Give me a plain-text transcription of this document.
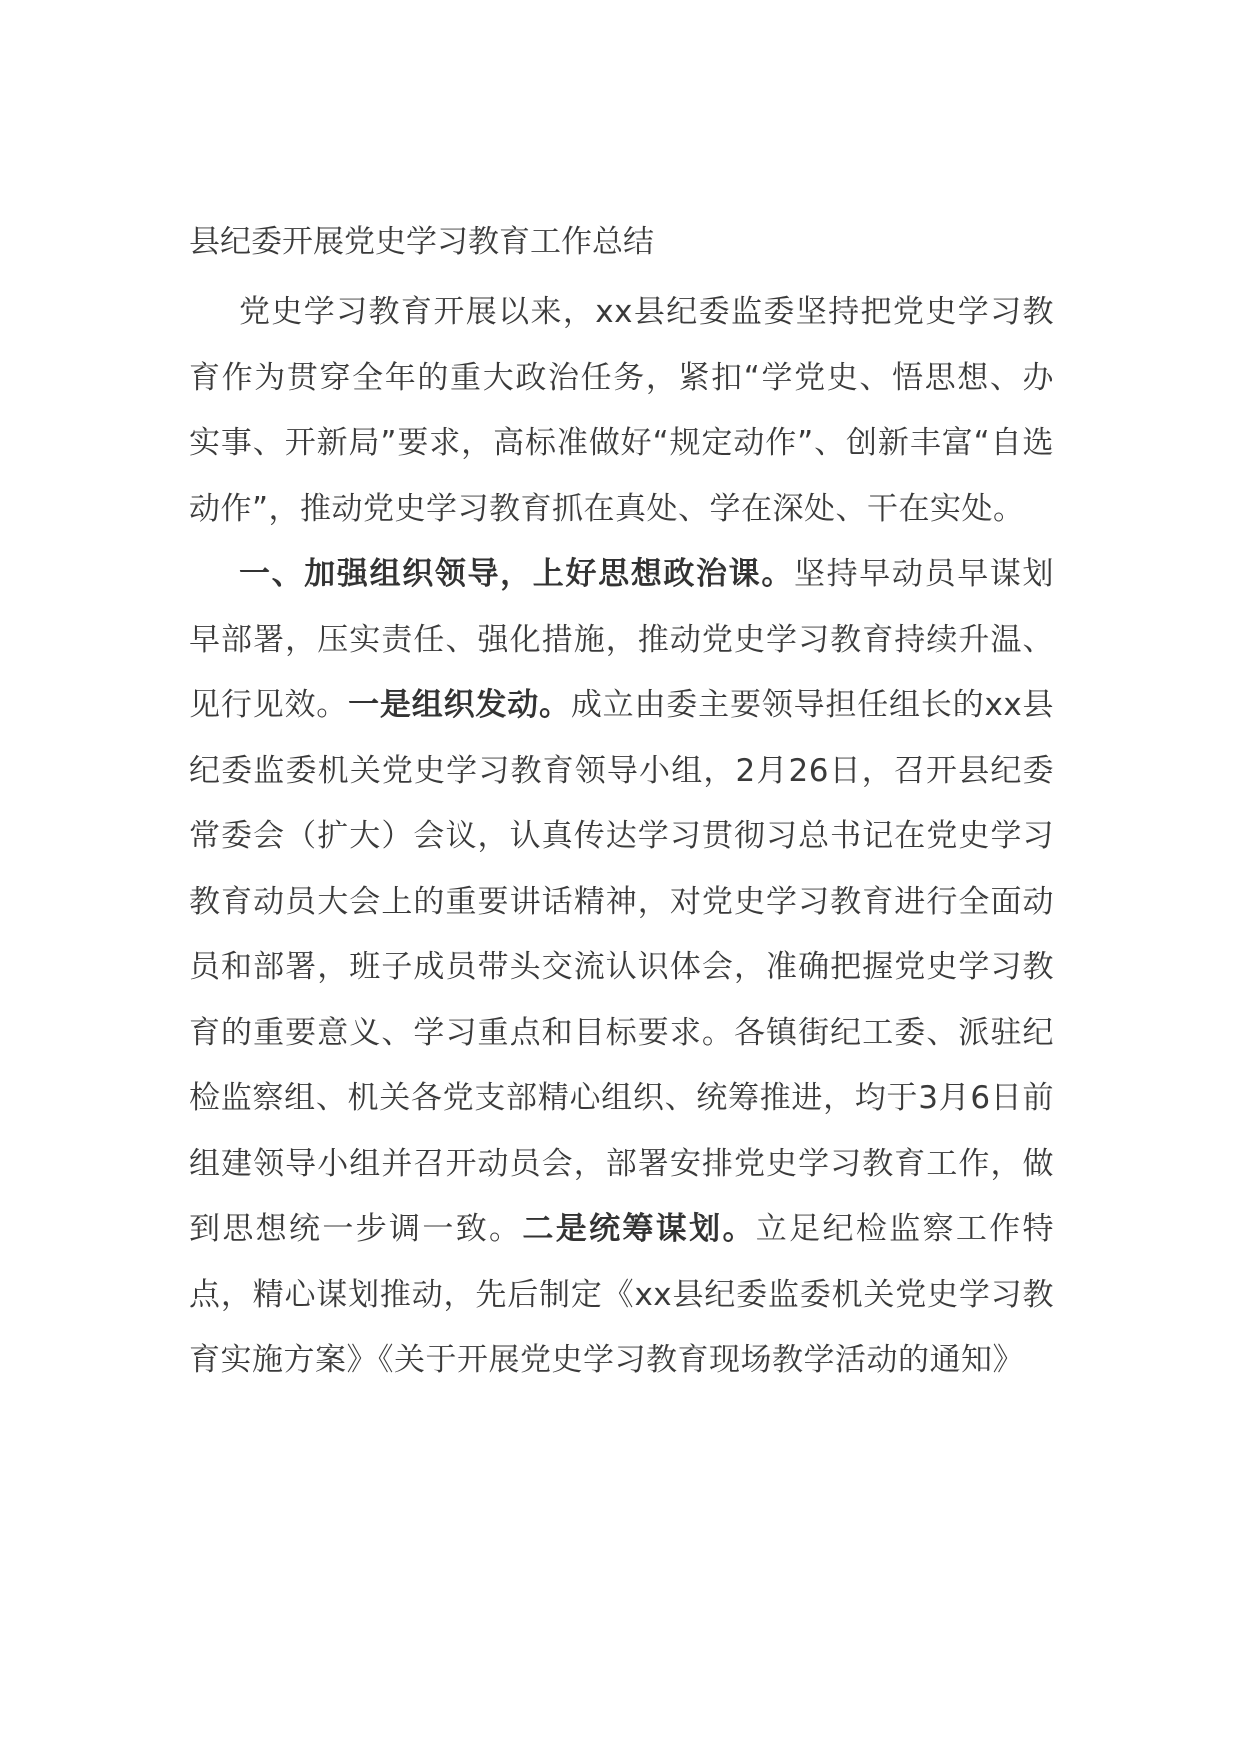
县纪委开展党史学习教育工作总结

党史学习教育开展以来，xx县纪委监委坚持把党史学习教育作为贯穿全年的重大政治任务，紧扣“学党史、悟思想、办实事、开新局”要求，高标准做好“规定动作”、创新丰富“自选动作”，推动党史学习教育抓在真处、学在深处、干在实处。

一、加强组织领导，上好思想政治课。坚持早动员早谋划早部署，压实责任、强化措施，推动党史学习教育持续升温、见行见效。一是组织发动。成立由委主要领导担任组长的xx县纪委监委机关党史学习教育领导小组，2月26日，召开县纪委常委会（扩大）会议，认真传达学习贯彻习总书记在党史学习教育动员大会上的重要讲话精神，对党史学习教育进行全面动员和部署，班子成员带头交流认识体会，准确把握党史学习教育的重要意义、学习重点和目标要求。各镇街纪工委、派驻纪检监察组、机关各党支部精心组织、统筹推进，均于3月6日前组建领导小组并召开动员会，部署安排党史学习教育工作，做到思想统一步调一致。二是统筹谋划。立足纪检监察工作特点，精心谋划推动，先后制定《xx县纪委监委机关党史学习教育实施方案》《关于开展党史学习教育现场教学活动的通知》
